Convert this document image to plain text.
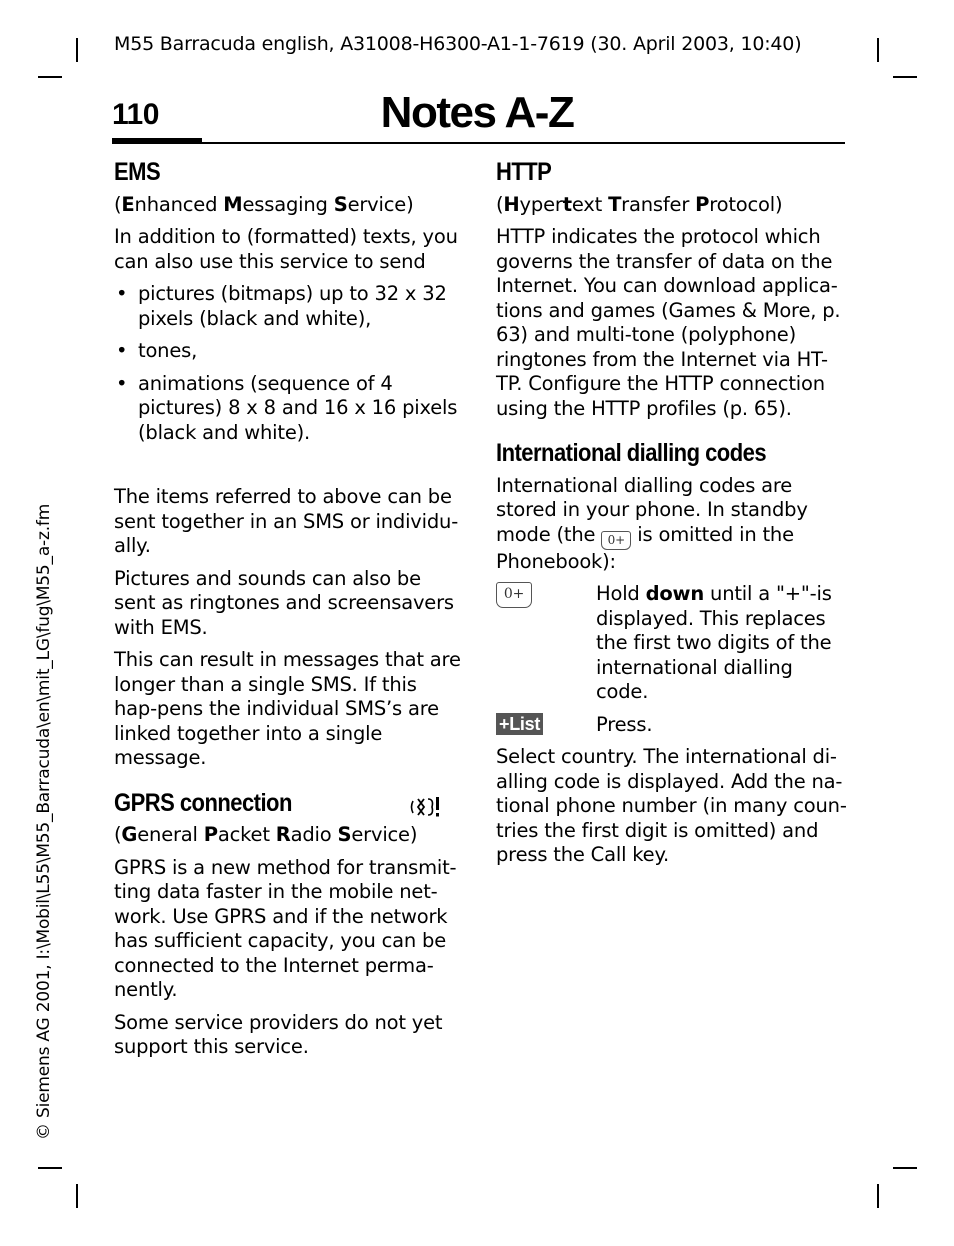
M55 Barracuda english, A31008-H6300-A1-1-7619 (30. April 2003, 10:40)
Notes A-Z
110
© Siemens AG 2001, I:\Mobil\L55\M55_Barracuda\en\mit_LG\fug\M55_a-z.fm
EMS

(Enhanced Messaging Service)

In addition to (formatted) texts, you can also use this service to send

• pictures (bitmaps) up to 32 x 32 pixels (black and white),
• tones,
• animations (sequence of 4 pictures) 8 x 8 and 16 x 16 pixels (black and white).

The items referred to above can be sent together in an SMS or individu-ally.

Pictures and sounds can also be sent as ringtones and screensavers with EMS.

This can result in messages that are longer than a single SMS. If this hap-pens the individual SMS’s are linked together into a single message.

GPRS connection

(General Packet Radio Service)

GPRS is a new method for transmit-ting data faster in the mobile net-work. Use GPRS and if the network has sufficient capacity, you can be connected to the Internet perma-nently.

Some service providers do not yet support this service.

HTTP

(Hypertext Transfer Protocol)

HTTP indicates the protocol which governs the transfer of data on the Internet. You can download applica-tions and games (Games & More, p. 63) and multi-tone (polyphone) ringtones from the Internet via HT-TP. Configure the HTTP connection using the HTTP profiles (p. 65).

International dialling codes

International dialling codes are stored in your phone. In standby mode (the 0+ is omitted in the Phonebook):

0+	Hold down until a "+"-is displayed. This replaces the first two digits of the international dialling code.

+List	Press.

Select country. The international di-alling code is displayed. Add the na-tional phone number (in many coun-tries the first digit is omitted) and press the Call key.
